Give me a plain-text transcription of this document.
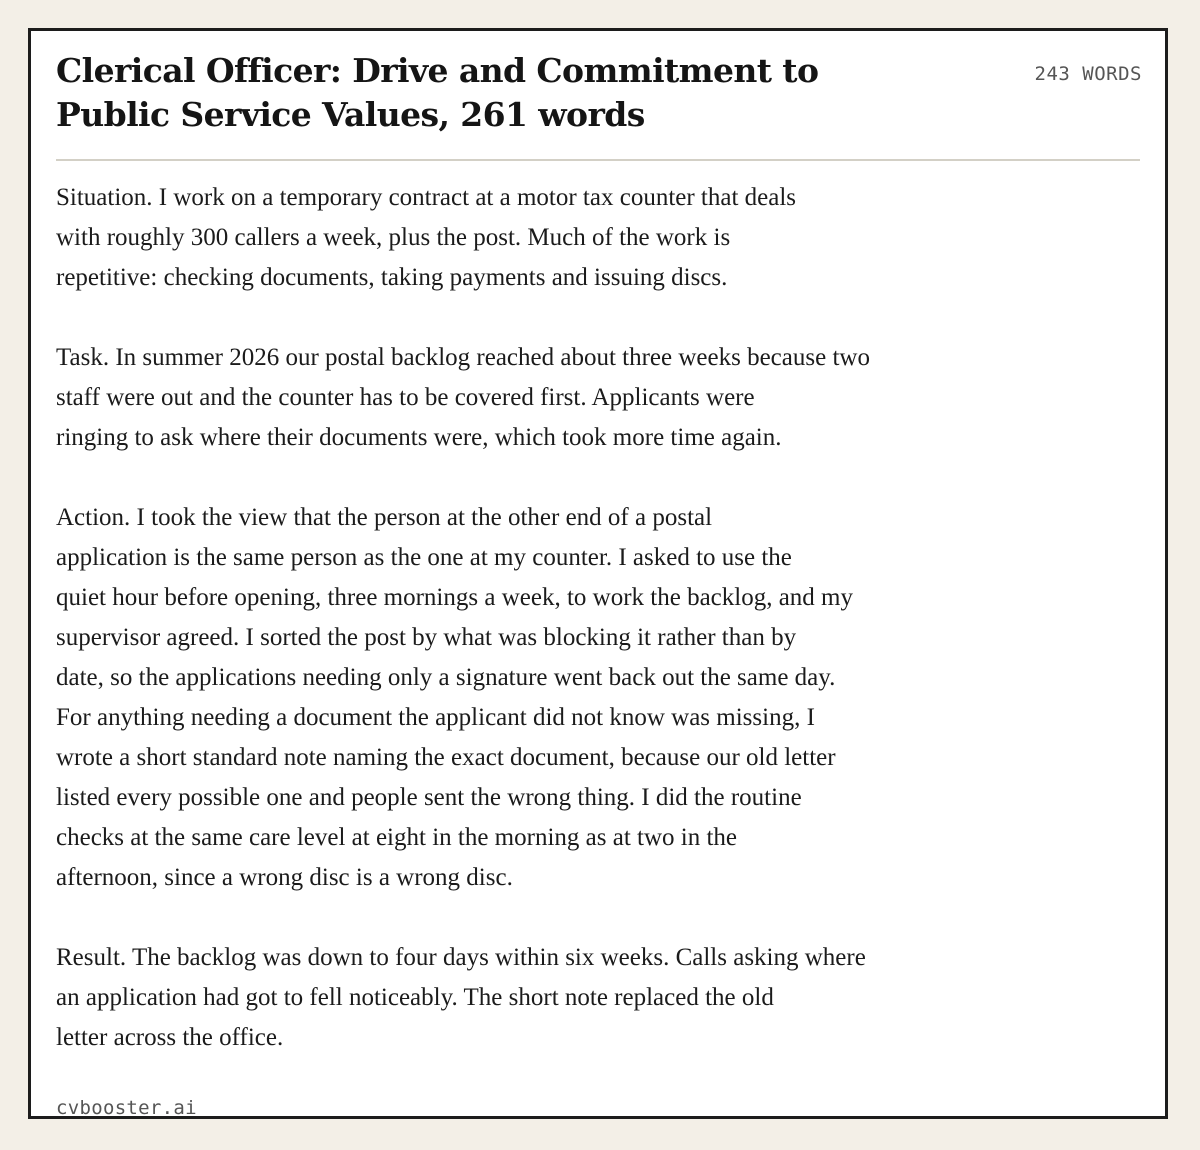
Clerical Officer: Drive and Commitment to
Public Service Values, 261 words
243 WORDS

Situation. I work on a temporary contract at a motor tax counter that deals
with roughly 300 callers a week, plus the post. Much of the work is
repetitive: checking documents, taking payments and issuing discs.

Task. In summer 2026 our postal backlog reached about three weeks because two
staff were out and the counter has to be covered first. Applicants were
ringing to ask where their documents were, which took more time again.

Action. I took the view that the person at the other end of a postal
application is the same person as the one at my counter. I asked to use the
quiet hour before opening, three mornings a week, to work the backlog, and my
supervisor agreed. I sorted the post by what was blocking it rather than by
date, so the applications needing only a signature went back out the same day.
For anything needing a document the applicant did not know was missing, I
wrote a short standard note naming the exact document, because our old letter
listed every possible one and people sent the wrong thing. I did the routine
checks at the same care level at eight in the morning as at two in the
afternoon, since a wrong disc is a wrong disc.

Result. The backlog was down to four days within six weeks. Calls asking where
an application had got to fell noticeably. The short note replaced the old
letter across the office.

cvbooster.ai
